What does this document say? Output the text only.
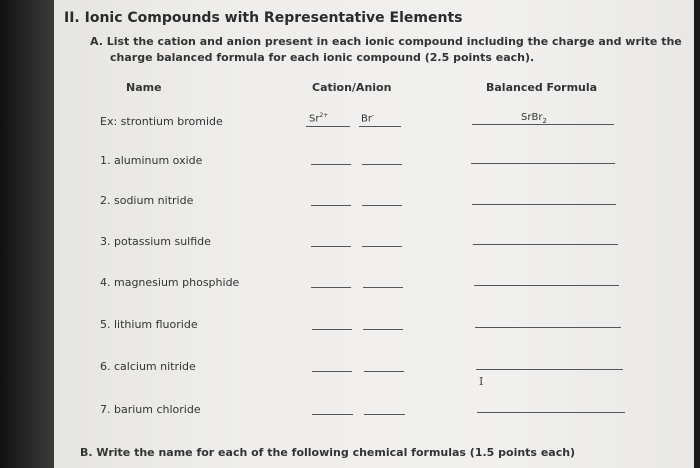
II. Ionic Compounds with Representative Elements
A. List the cation and anion present in each ionic compound including the charge and write the
charge balanced formula for each ionic compound (2.5 points each).
Name	Cation/Anion	Balanced Formula
Ex: strontium bromide	$Sr^{2+}$	Br-	SrBr$_2$
1. aluminum oxide
2. sodium nitride
3. potassium sulfide
4. magnesium phosphide
5. lithium fluoride
6. calcium nitride
7. barium chloride
I
B. Write the name for each of the following chemical formulas (1.5 points each)
